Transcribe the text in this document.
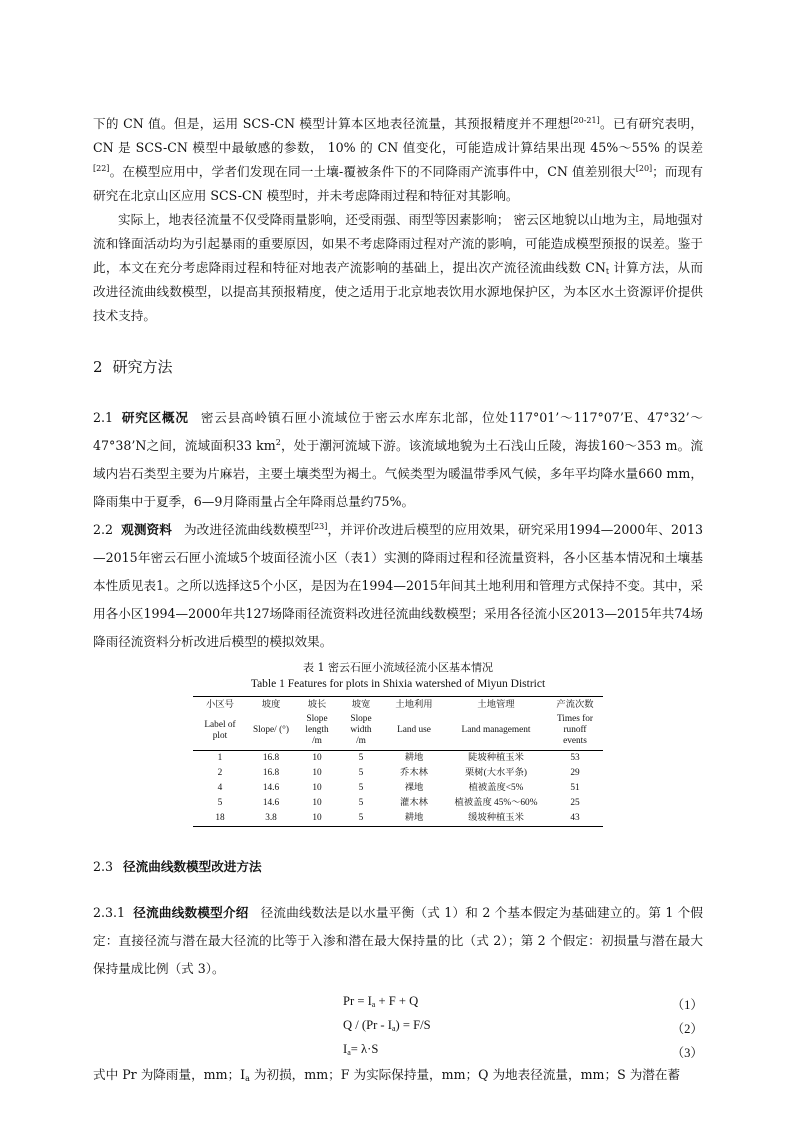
下的 CN 值。但是，运用 SCS-CN 模型计算本区地表径流量，其预报精度并不理想[20-21]。已有研究表明，CN 是 SCS-CN 模型中最敏感的参数， 10% 的 CN 值变化，可能造成计算结果出现 45%～55% 的误差[22]。在模型应用中，学者们发现在同一土壤-覆被条件下的不同降雨产流事件中，CN 值差别很大[20]；而现有研究在北京山区应用 SCS-CN 模型时，并未考虑降雨过程和特征对其影响。

实际上，地表径流量不仅受降雨量影响，还受雨强、雨型等因素影响； 密云区地貌以山地为主，局地强对流和锋面活动均为引起暴雨的重要原因，如果不考虑降雨过程对产流的影响，可能造成模型预报的误差。鉴于此，本文在充分考虑降雨过程和特征对地表产流影响的基础上，提出次产流径流曲线数 $CN_t$ 计算方法，从而改进径流曲线数模型，以提高其预报精度，使之适用于北京地表饮用水源地保护区，为本区水土资源评价提供技术支持。

2 研究方法

2.1 研究区概况 密云县高岭镇石匣小流域位于密云水库东北部，位处117°01’～117°07’E、47°32’～47°38’N之间，流域面积33 $km^2$，处于潮河流域下游。该流域地貌为土石浅山丘陵，海拔160～353 m。流域内岩石类型主要为片麻岩，主要土壤类型为褐土。气候类型为暖温带季风气候，多年平均降水量660 mm，降雨集中于夏季，6—9月降雨量占全年降雨总量约75%。

2.2 观测资料 为改进径流曲线数模型[23]，并评价改进后模型的应用效果，研究采用1994—2000年、2013—2015年密云石匣小流域5个坡面径流小区（表1）实测的降雨过程和径流量资料，各小区基本情况和土壤基本性质见表1。之所以选择这5个小区，是因为在1994—2015年间其土地利用和管理方式保持不变。其中，采用各小区1994—2000年共127场降雨径流资料改进径流曲线数模型；采用各径流小区2013—2015年共74场降雨径流资料分析改进后模型的模拟效果。

表 1 密云石匣小流域径流小区基本情况
Table 1 Features for plots in Shixia watershed of Miyun District
小区号	坡度	坡长	坡宽	土地利用	土地管理	产流次数
Label of plot	Slope/ (°)	Slope length /m	Slope width /m	Land use	Land management	Times for runoff events
1	16.8	10	5	耕地	陡坡种植玉米	53
2	16.8	10	5	乔木林	栗树(大水平条)	29
4	14.6	10	5	裸地	植被盖度<5%	51
5	14.6	10	5	灌木林	植被盖度 45%～60%	25
18	3.8	10	5	耕地	缓坡种植玉米	43
2.3 径流曲线数模型改进方法

2.3.1 径流曲线数模型介绍 径流曲线数法是以水量平衡（式 1）和 2 个基本假定为基础建立的。第 1 个假定：直接径流与潜在最大径流的比等于入渗和潜在最大保持量的比（式 2）；第 2 个假定：初损量与潜在最大保持量成比例（式 3）。

$Pr = I_a + F + Q$	（1）
$Q / (Pr - I_a) = F/S$	（2）
$I_a= \lambda\cdot S$	（3）

式中 Pr 为降雨量，mm；$I_a$ 为初损，mm；F 为实际保持量，mm；Q 为地表径流量，mm；S 为潜在蓄
